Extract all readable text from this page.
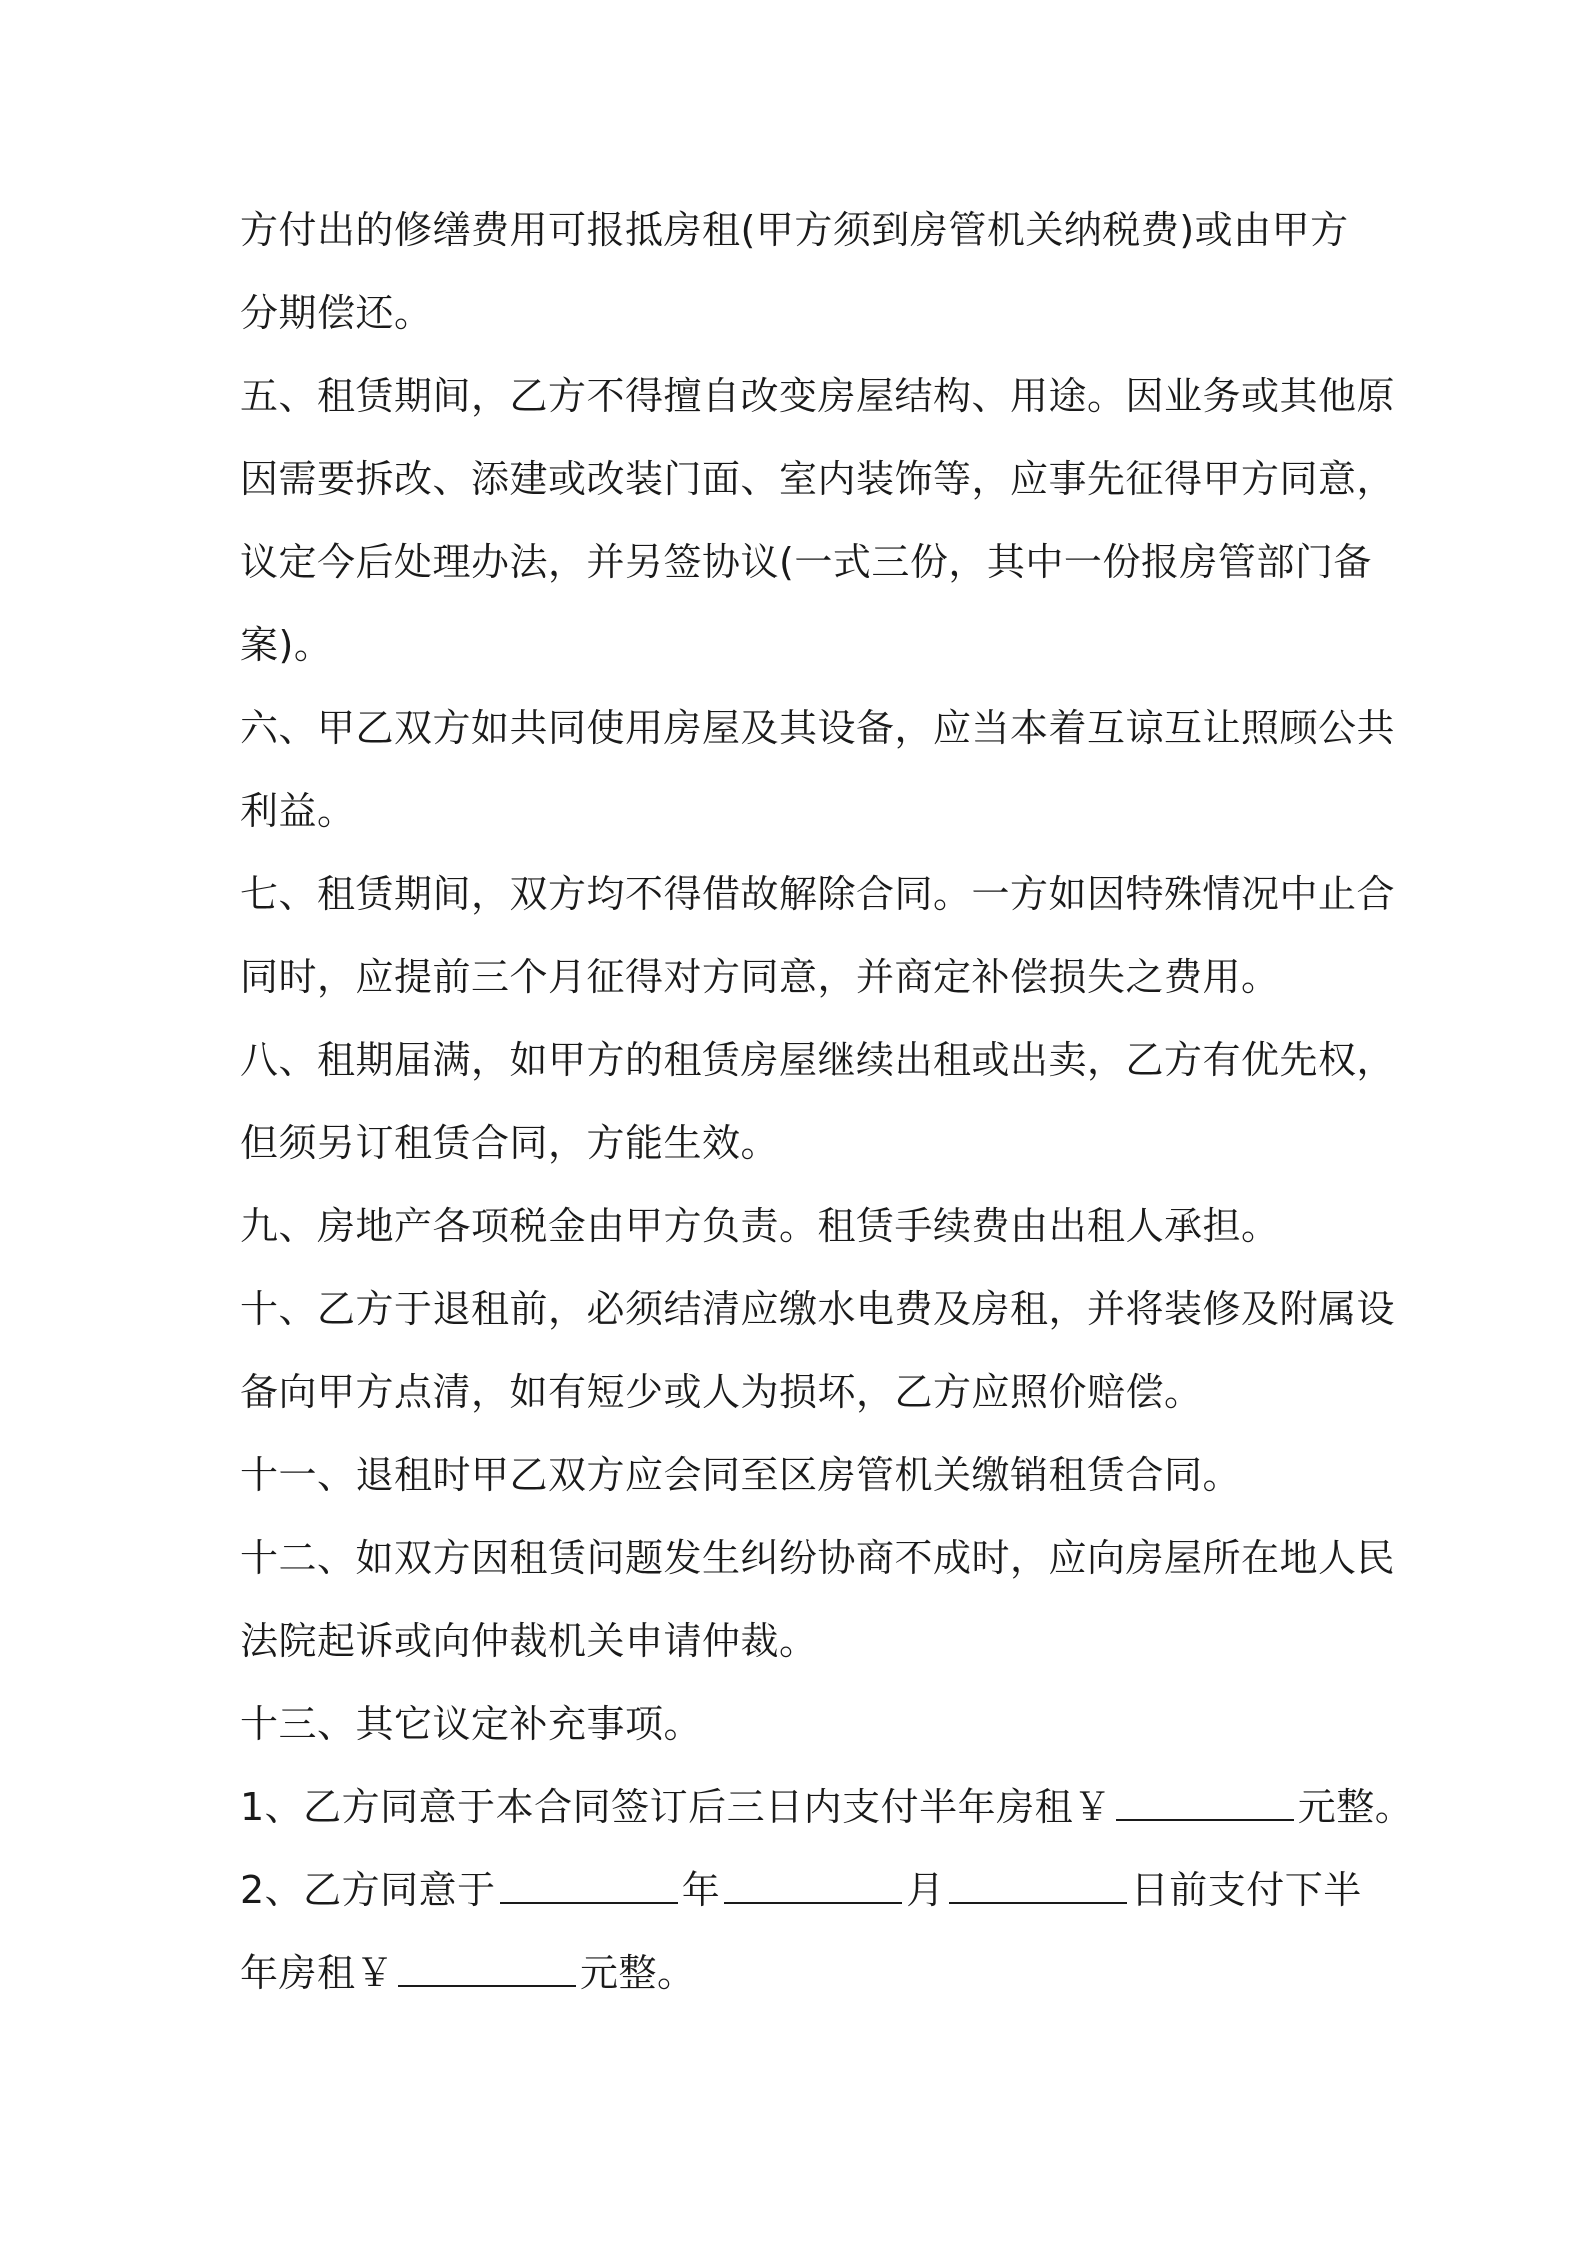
方付出的修缮费用可报抵房租(甲方须到房管机关纳税费)或由甲方
分期偿还。
五、租赁期间，乙方不得擅自改变房屋结构、用途。因业务或其他原
因需要拆改、添建或改装门面、室内装饰等，应事先征得甲方同意，
议定今后处理办法，并另签协议(一式三份，其中一份报房管部门备
案)。
六、甲乙双方如共同使用房屋及其设备，应当本着互谅互让照顾公共
利益。
七、租赁期间，双方均不得借故解除合同。一方如因特殊情况中止合
同时，应提前三个月征得对方同意，并商定补偿损失之费用。
八、租期届满，如甲方的租赁房屋继续出租或出卖，乙方有优先权，
但须另订租赁合同，方能生效。
九、房地产各项税金由甲方负责。租赁手续费由出租人承担。
十、乙方于退租前，必须结清应缴水电费及房租，并将装修及附属设
备向甲方点清，如有短少或人为损坏，乙方应照价赔偿。
十一、退租时甲乙双方应会同至区房管机关缴销租赁合同。
十二、如双方因租赁问题发生纠纷协商不成时，应向房屋所在地人民
法院起诉或向仲裁机关申请仲裁。
十三、其它议定补充事项。
1、乙方同意于本合同签订后三日内支付半年房租￥	元整。
2、乙方同意于	年	月	日前支付下半
年房租￥	元整。
